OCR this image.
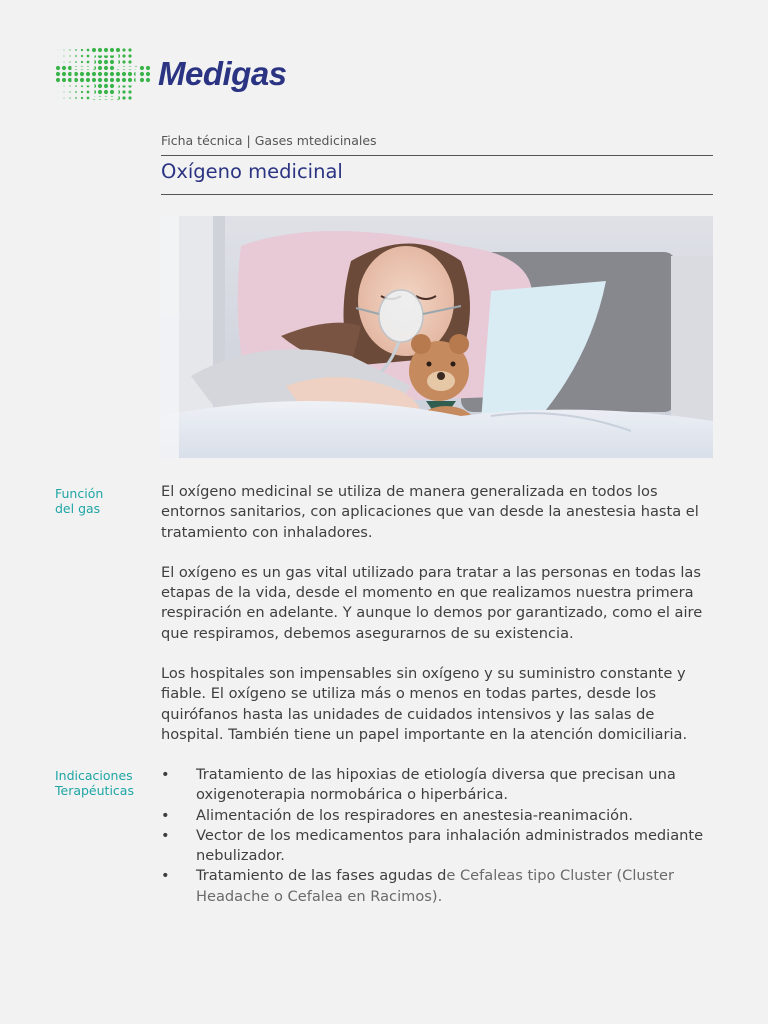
Medigas
Ficha técnica | Gases mtedicinales
Oxígeno medicinal
Función
del gas

El oxígeno medicinal se utiliza de manera generalizada en todos los entornos sanitarios, con aplicaciones que van desde la anestesia hasta el tratamiento con inhaladores.

El oxígeno es un gas vital utilizado para tratar a las personas en todas las etapas de la vida, desde el momento en que realizamos nuestra primera respiración en adelante. Y aunque lo demos por garantizado, como el aire que respiramos, debemos asegurarnos de su existencia.

Los hospitales son impensables sin oxígeno y su suministro constante y fiable. El oxígeno se utiliza más o menos en todas partes, desde los quirófanos hasta las unidades de cuidados intensivos y las salas de hospital. También tiene un papel importante en la atención domiciliaria.

Indicaciones
Terapéuticas
• Tratamiento de las hipoxias de etiología diversa que precisan una oxigenoterapia normobárica o hiperbárica.
• Alimentación de los respiradores en anestesia-reanimación.
• Vector de los medicamentos para inhalación administrados mediante nebulizador.
• Tratamiento de las fases agudas de Cefaleas tipo Cluster (Cluster Headache o Cefalea en Racimos).
